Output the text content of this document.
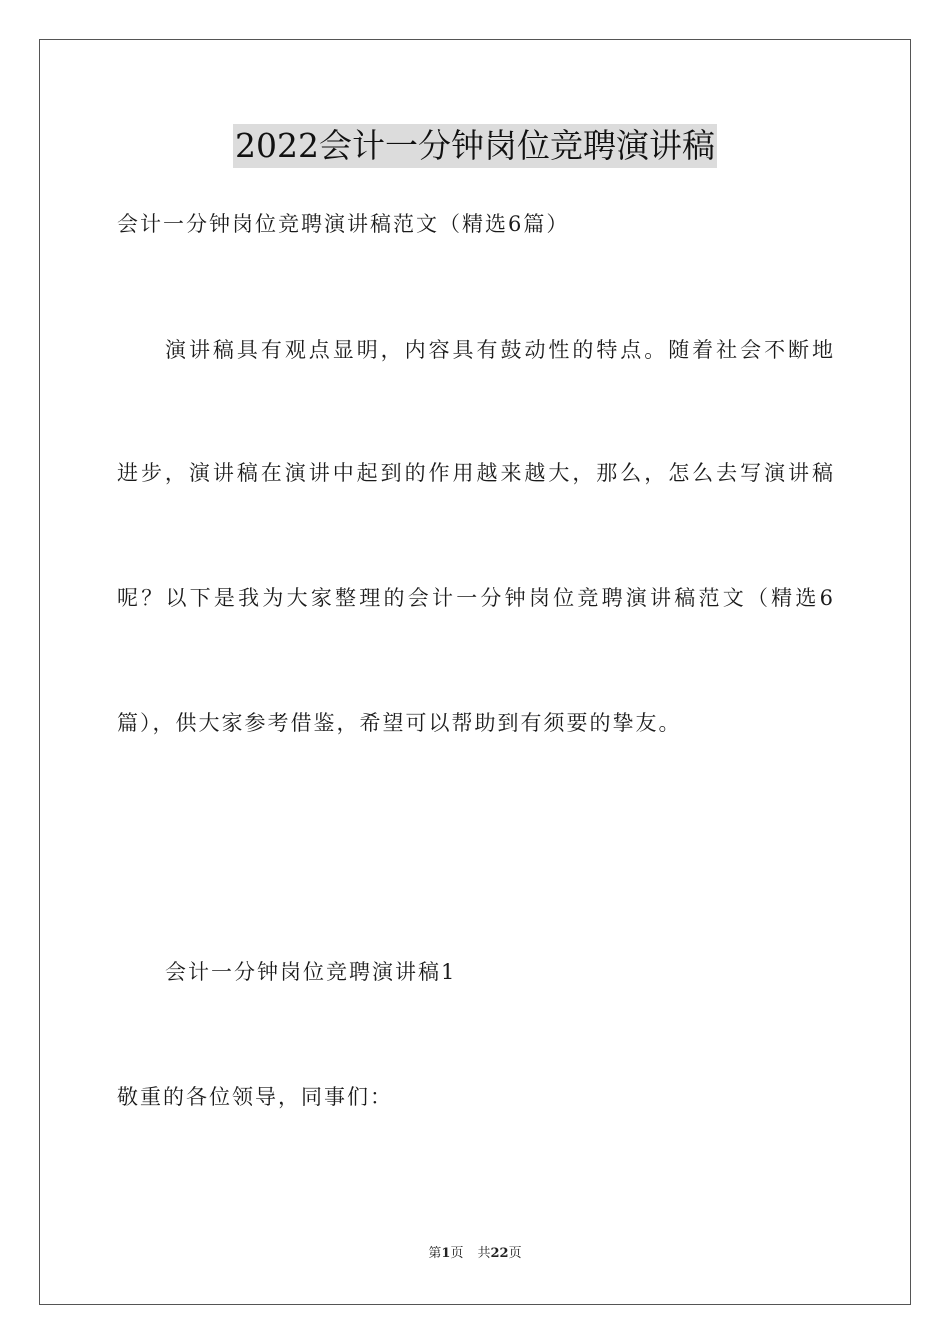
2022会计一分钟岗位竞聘演讲稿
会计一分钟岗位竞聘演讲稿范文（精选6篇）
演讲稿具有观点显明，内容具有鼓动性的特点。随着社会不断地
进步，演讲稿在演讲中起到的作用越来越大，那么，怎么去写演讲稿
呢？以下是我为大家整理的会计一分钟岗位竞聘演讲稿范文（精选6
篇），供大家参考借鉴，希望可以帮助到有须要的挚友。
会计一分钟岗位竞聘演讲稿1
敬重的各位领导，同事们：
第1页 共22页
